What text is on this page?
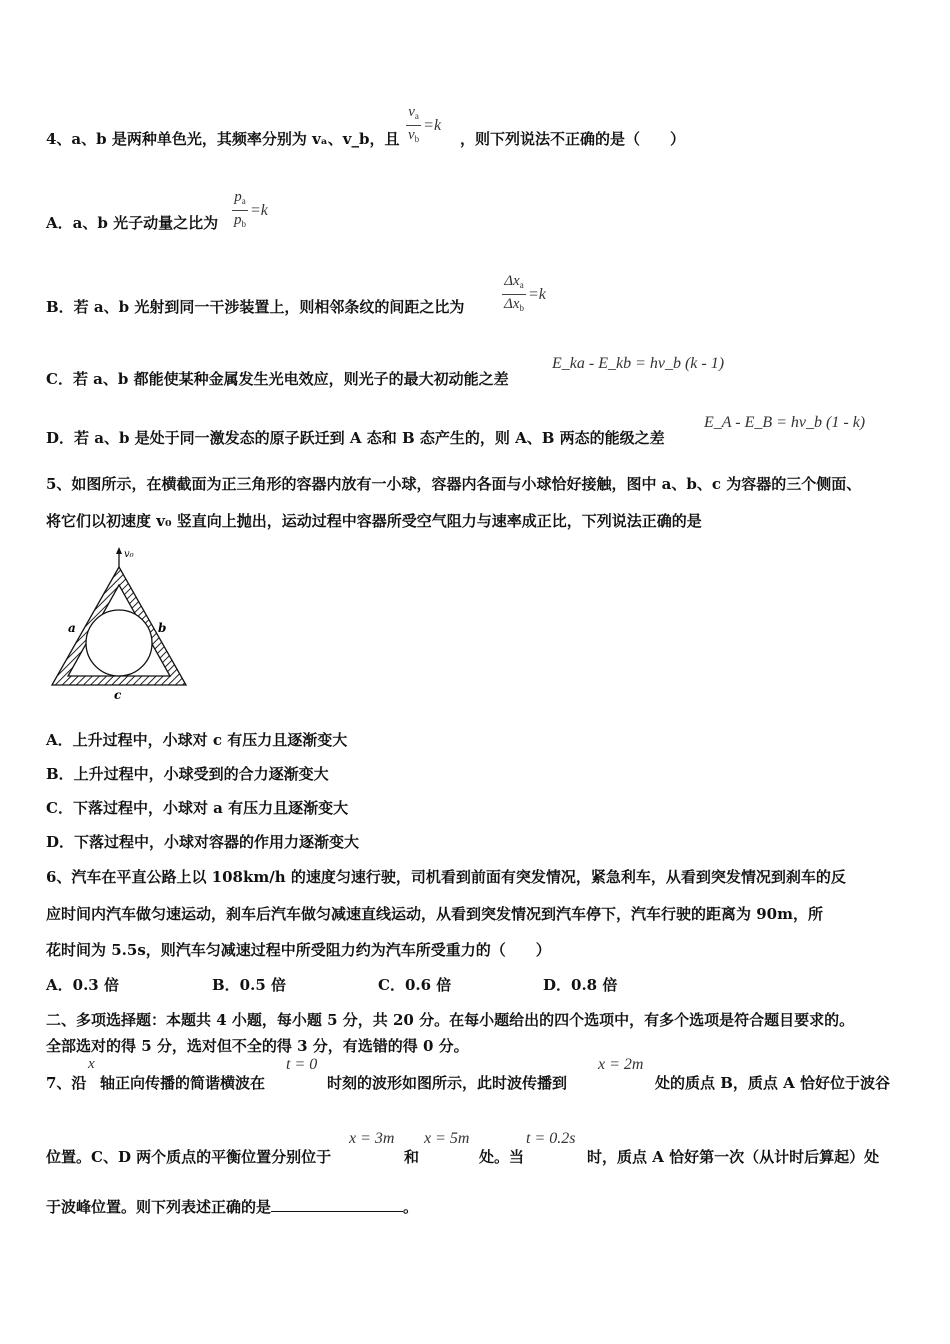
4、a、b 是两种单色光，其频率分别为 vₐ、v_b，且 $\frac{v_a}{v_b} =k$
，则下列说法不正确的是（　　）
A．a、b 光子动量之比为 $\frac{p_a}{p_b} =k$
B．若 a、b 光射到同一干涉装置上，则相邻条纹的间距之比为	$\frac{\Delta x_a}{\Delta x_b} =k$
C．若 a、b 都能使某种金属发生光电效应，则光子的最大初动能之差
E_ka - E_kb = hv_b (k - 1)
D．若 a、b 是处于同一激发态的原子跃迁到 A 态和 B 态产生的，则 A、B 两态的能级之差
E_A - E_B = hv_b (1 - k)
5、如图所示，在横截面为正三角形的容器内放有一小球，容器内各面与小球恰好接触，图中 a、b、c 为容器的三个侧面、
将它们以初速度 v₀ 竖直向上抛出，运动过程中容器所受空气阻力与速率成正比，下列说法正确的是
v₀
a	b
c
A．上升过程中，小球对 c 有压力且逐渐变大
B．上升过程中，小球受到的合力逐渐变大
C．下落过程中，小球对 a 有压力且逐渐变大
D．下落过程中，小球对容器的作用力逐渐变大
6、汽车在平直公路上以 108km/h 的速度匀速行驶，司机看到前面有突发情况，紧急利车，从看到突发情况到刹车的反
应时间内汽车做匀速运动，刹车后汽车做匀减速直线运动，从看到突发情况到汽车停下，汽车行驶的距离为 90m，所
花时间为 5.5s，则汽车匀减速过程中所受阻力约为汽车所受重力的（　　）
A．0.3 倍	B．0.5 倍	C．0.6 倍	D．0.8 倍
二、多项选择题：本题共 4 小题，每小题 5 分，共 20 分。在每小题给出的四个选项中，有多个选项是符合题目要求的。
全部选对的得 5 分，选对但不全的得 3 分，有选错的得 0 分。
7、沿
x
轴正向传播的简谐横波在
t = 0
时刻的波形如图所示，此时波传播到
x = 2m
处的质点 B，质点 A 恰好位于波谷
位置。C、D 两个质点的平衡位置分别位于
x = 3m
和
x = 5m
处。当
t = 0.2s
时，质点 A 恰好第一次（从计时后算起）处
于波峰位置。则下列表述正确的是	。
